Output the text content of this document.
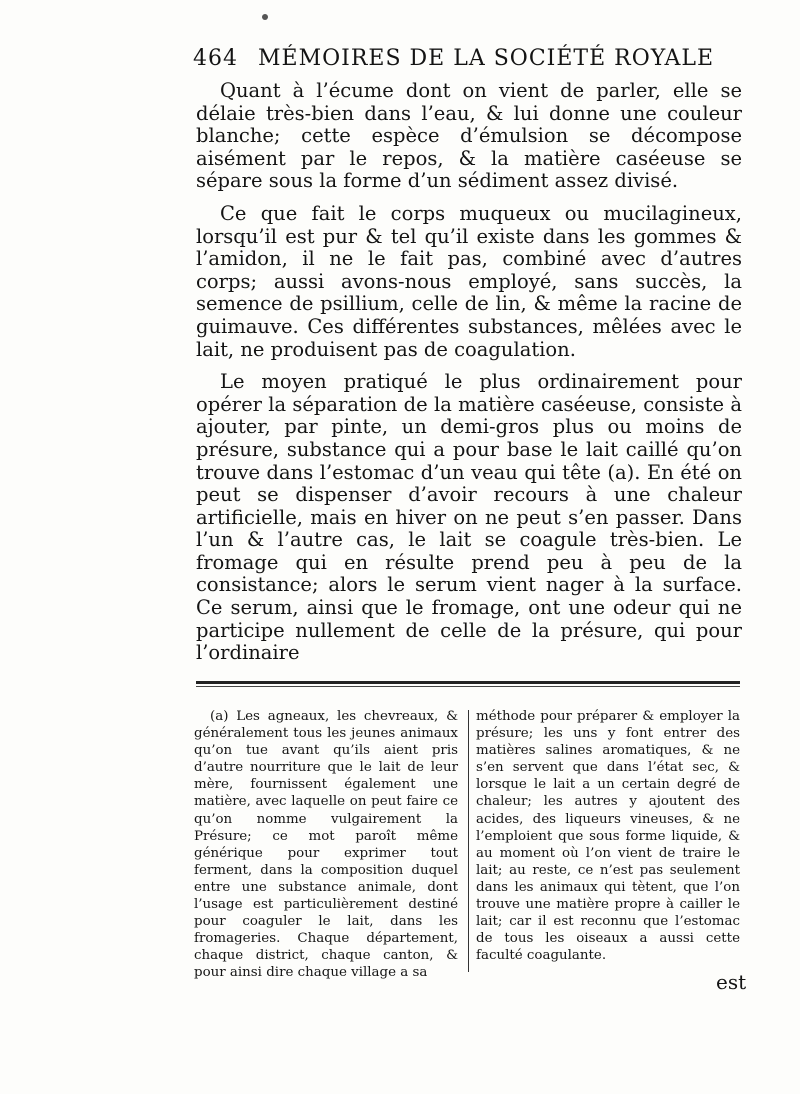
464 MÉMOIRES DE LA SOCIÉTÉ ROYALE

Quant à l’écume dont on vient de parler, elle se délaie très-bien dans l’eau, & lui donne une couleur blanche; cette espèce d’émulsion se décompose aisément par le repos, & la matière caséeuse se sépare sous la forme d’un sédiment assez divisé.

Ce que fait le corps muqueux ou mucilagineux, lorsqu’il est pur & tel qu’il existe dans les gommes & l’amidon, il ne le fait pas, combiné avec d’autres corps; aussi avons-nous employé, sans succès, la semence de psillium, celle de lin, & même la racine de guimauve. Ces différentes substances, mêlées avec le lait, ne produisent pas de coagulation.

Le moyen pratiqué le plus ordinairement pour opérer la séparation de la matière caséeuse, consiste à ajouter, par pinte, un demi-gros plus ou moins de présure, substance qui a pour base le lait caillé qu’on trouve dans l’estomac d’un veau qui tête (a). En été on peut se dispenser d’avoir recours à une chaleur artificielle, mais en hiver on ne peut s’en passer. Dans l’un & l’autre cas, le lait se coagule très-bien. Le fromage qui en résulte prend peu à peu de la consistance; alors le serum vient nager à la surface. Ce serum, ainsi que le fromage, ont une odeur qui ne participe nullement de celle de la présure, qui pour l’ordinaire

(a) Les agneaux, les chevreaux, & généralement tous les jeunes animaux qu’on tue avant qu’ils aient pris d’autre nourriture que le lait de leur mère, fournissent également une matière, avec laquelle on peut faire ce qu’on nomme vulgairement la Présure; ce mot paroît même générique pour exprimer tout ferment, dans la composition duquel entre une substance animale, dont l’usage est particulièrement destiné pour coaguler le lait, dans les fromageries. Chaque département, chaque district, chaque canton, & pour ainsi dire chaque village a sa

méthode pour préparer & employer la présure; les uns y font entrer des matières salines aromatiques, & ne s’en servent que dans l’état sec, & lorsque le lait a un certain degré de chaleur; les autres y ajoutent des acides, des liqueurs vineuses, & ne l’emploient que sous forme liquide, & au moment où l’on vient de traire le lait; au reste, ce n’est pas seulement dans les animaux qui tètent, que l’on trouve une matière propre à cailler le lait; car il est reconnu que l’estomac de tous les oiseaux a aussi cette faculté coagulante.

est
